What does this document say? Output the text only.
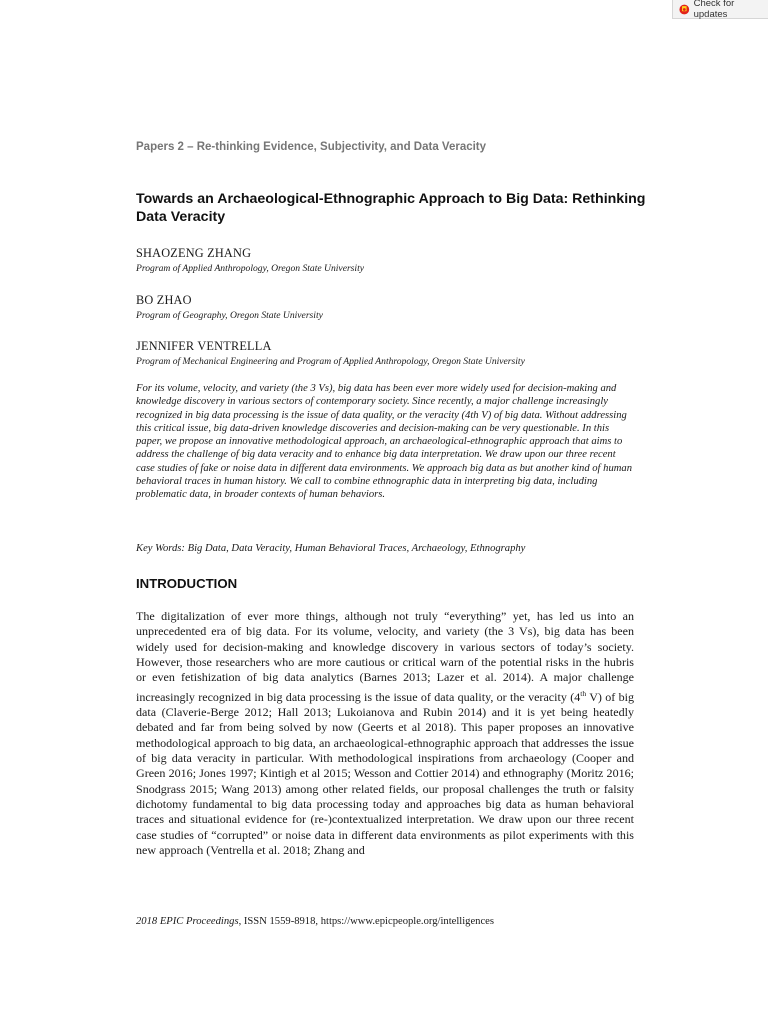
Check for updates
Papers 2 – Re-thinking Evidence, Subjectivity, and Data Veracity
Towards an Archaeological-Ethnographic Approach to Big Data: Rethinking Data Veracity
SHAOZENG ZHANG
Program of Applied Anthropology, Oregon State University
BO ZHAO
Program of Geography, Oregon State University
JENNIFER VENTRELLA
Program of Mechanical Engineering and Program of Applied Anthropology, Oregon State University
For its volume, velocity, and variety (the 3 Vs), big data has been ever more widely used for decision-making and knowledge discovery in various sectors of contemporary society. Since recently, a major challenge increasingly recognized in big data processing is the issue of data quality, or the veracity (4th V) of big data. Without addressing this critical issue, big data-driven knowledge discoveries and decision-making can be very questionable. In this paper, we propose an innovative methodological approach, an archaeological-ethnographic approach that aims to address the challenge of big data veracity and to enhance big data interpretation. We draw upon our three recent case studies of fake or noise data in different data environments. We approach big data as but another kind of human behavioral traces in human history. We call to combine ethnographic data in interpreting big data, including problematic data, in broader contexts of human behaviors.
Key Words: Big Data, Data Veracity, Human Behavioral Traces, Archaeology, Ethnography
INTRODUCTION
The digitalization of ever more things, although not truly “everything” yet, has led us into an unprecedented era of big data. For its volume, velocity, and variety (the 3 Vs), big data has been widely used for decision-making and knowledge discovery in various sectors of today’s society. However, those researchers who are more cautious or critical warn of the potential risks in the hubris or even fetishization of big data analytics (Barnes 2013; Lazer et al. 2014). A major challenge increasingly recognized in big data processing is the issue of data quality, or the veracity (4th V) of big data (Claverie-Berge 2012; Hall 2013; Lukoianova and Rubin 2014) and it is yet being heatedly debated and far from being solved by now (Geerts et al 2018). This paper proposes an innovative methodological approach to big data, an archaeological-ethnographic approach that addresses the issue of big data veracity in particular. With methodological inspirations from archaeology (Cooper and Green 2016; Jones 1997; Kintigh et al 2015; Wesson and Cottier 2014) and ethnography (Moritz 2016; Snodgrass 2015; Wang 2013) among other related fields, our proposal challenges the truth or falsity dichotomy fundamental to big data processing today and approaches big data as human behavioral traces and situational evidence for (re-)contextualized interpretation. We draw upon our three recent case studies of “corrupted” or noise data in different data environments as pilot experiments with this new approach (Ventrella et al. 2018; Zhang and
2018 EPIC Proceedings, ISSN 1559-8918, https://www.epicpeople.org/intelligences
